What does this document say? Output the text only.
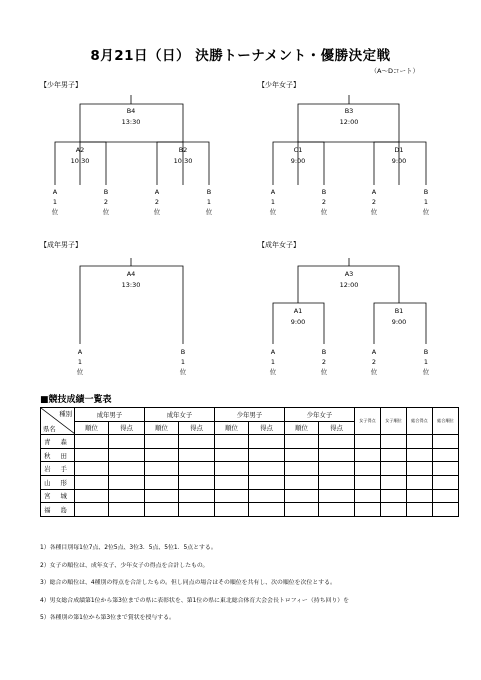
8月21日（日） 決勝トーナメント・優勝決定戦
（A～Dコート）
【少年男子】
B4
13:30
A2
10:30
B2
10:30
A
1
位
B
2
位
A
2
位
B
1
位
【少年女子】
B3
12:00
C1
9:00
D1
9:00
A
1
位
B
2
位
A
2
位
B
1
位
【成年男子】
A4
13:30
A
1
位
B
1
位
【成年女子】
A3
12:00
A1
9:00
B1
9:00
A
1
位
B
2
位
A
2
位
B
1
位
■競技成績一覧表
種別
県名	成年男子		成年女子		少年男子		少年女子		女子得点	女子順位	総合得点	総合順位
	順位	得点	順位	得点	順位	得点	順位	得点				
青 森												
秋 田												
岩 手												
山 形												
宮 城												
福 島												
1）各種目別毎1位7点、2位5点、3位3．5点、5位1．5点とする。
2）女子の順位は、成年女子、少年女子の得点を合計したもの。
3）総合の順位は、4種別の得点を合計したもの。但し同点の場合はその順位を共有し、次の順位を次位とする。
4）男女総合成績第1位から第3位までの県に表彰状を、第1位の県に東北総合体育大会会長トロフィー（持ち回り）を
5）各種別の第1位から第3位まで賞状を授与する。
